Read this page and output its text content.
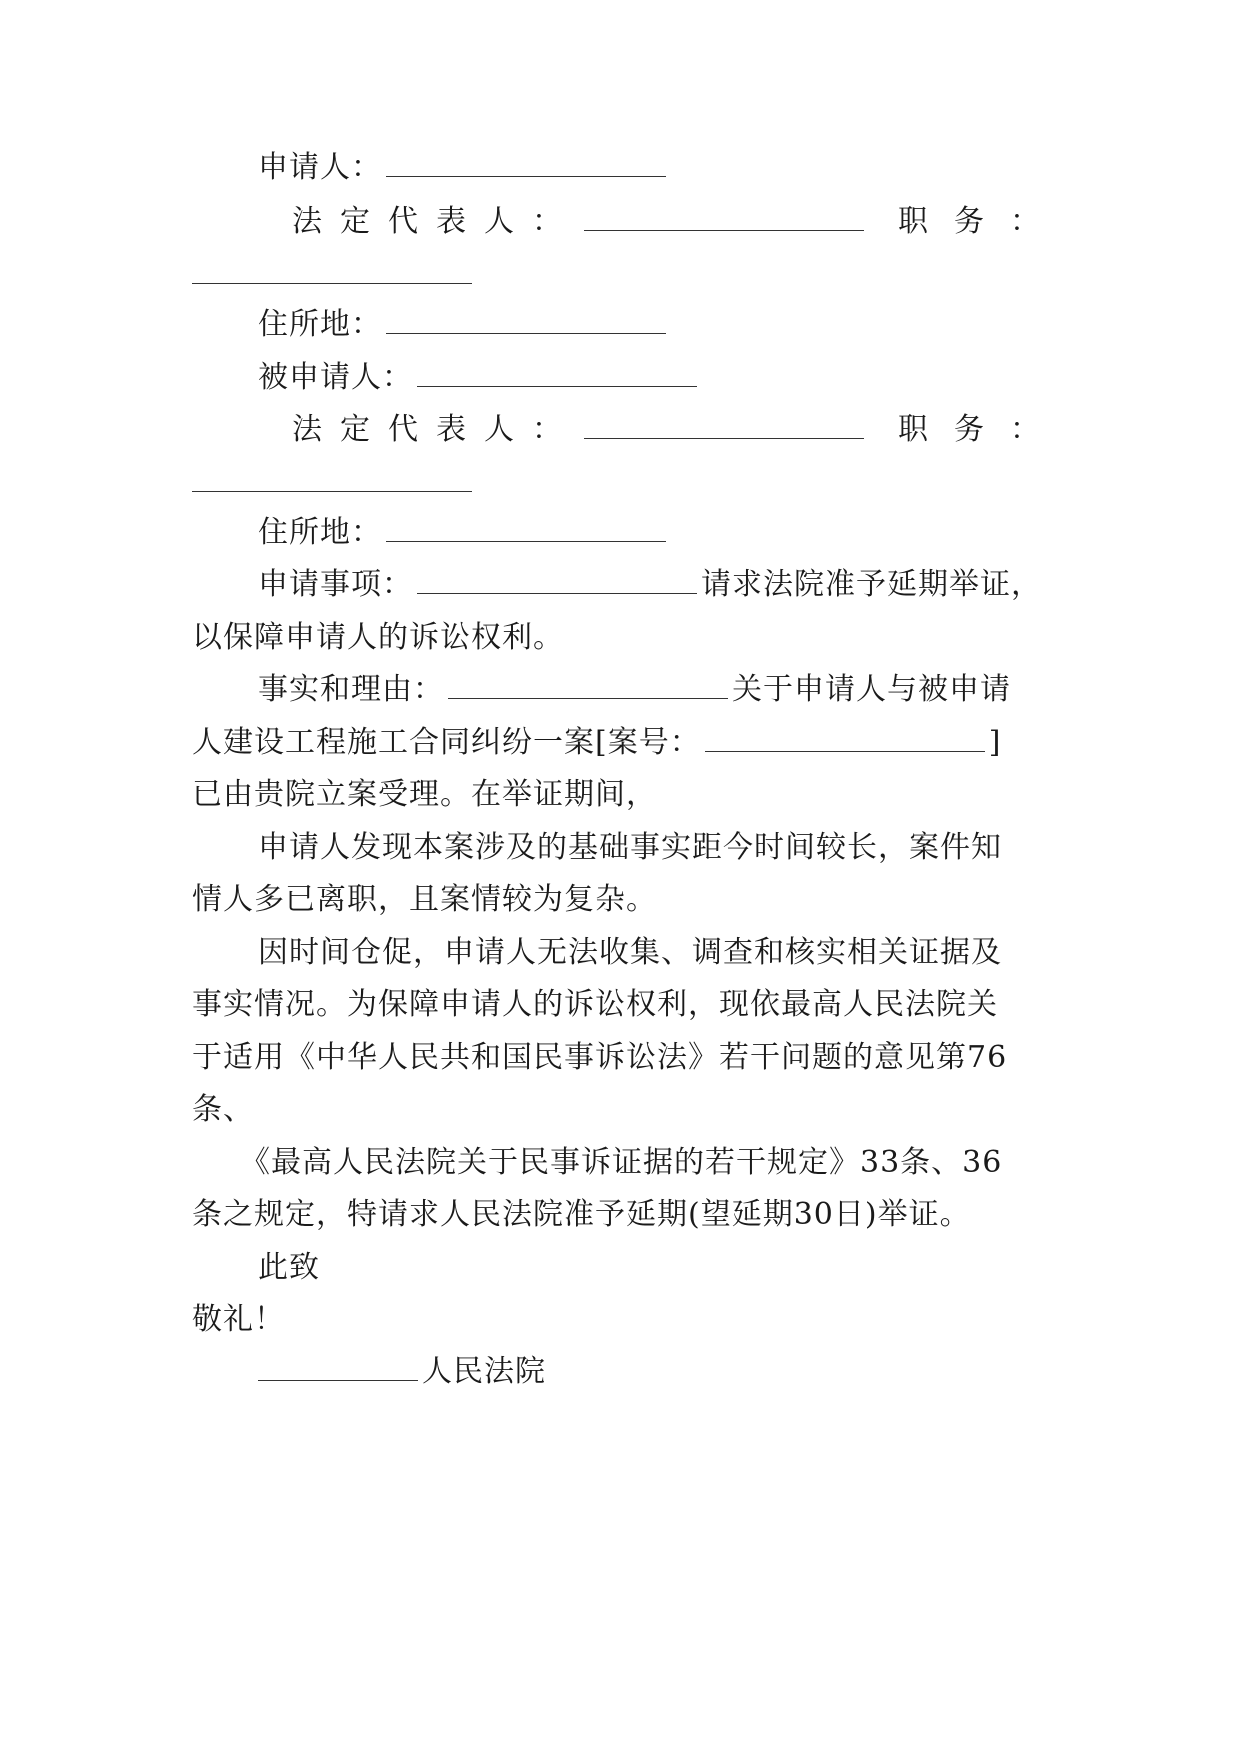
申请人：
法定代表人：	职务：
住所地：
被申请人：
法定代表人：	职务：
住所地：
申请事项：	请求法院准予延期举证，
以保障申请人的诉讼权利。
事实和理由：	关于申请人与被申请
人建设工程施工合同纠纷一案[案号：	]
已由贵院立案受理。在举证期间，
申请人发现本案涉及的基础事实距今时间较长，案件知
情人多已离职，且案情较为复杂。
因时间仓促，申请人无法收集、调查和核实相关证据及
事实情况。为保障申请人的诉讼权利，现依最高人民法院关
于适用《中华人民共和国民事诉讼法》若干问题的意见第76
条、
《最高人民法院关于民事诉证据的若干规定》33条、36
条之规定，特请求人民法院准予延期(望延期30日)举证。
此致
敬礼！
人民法院
